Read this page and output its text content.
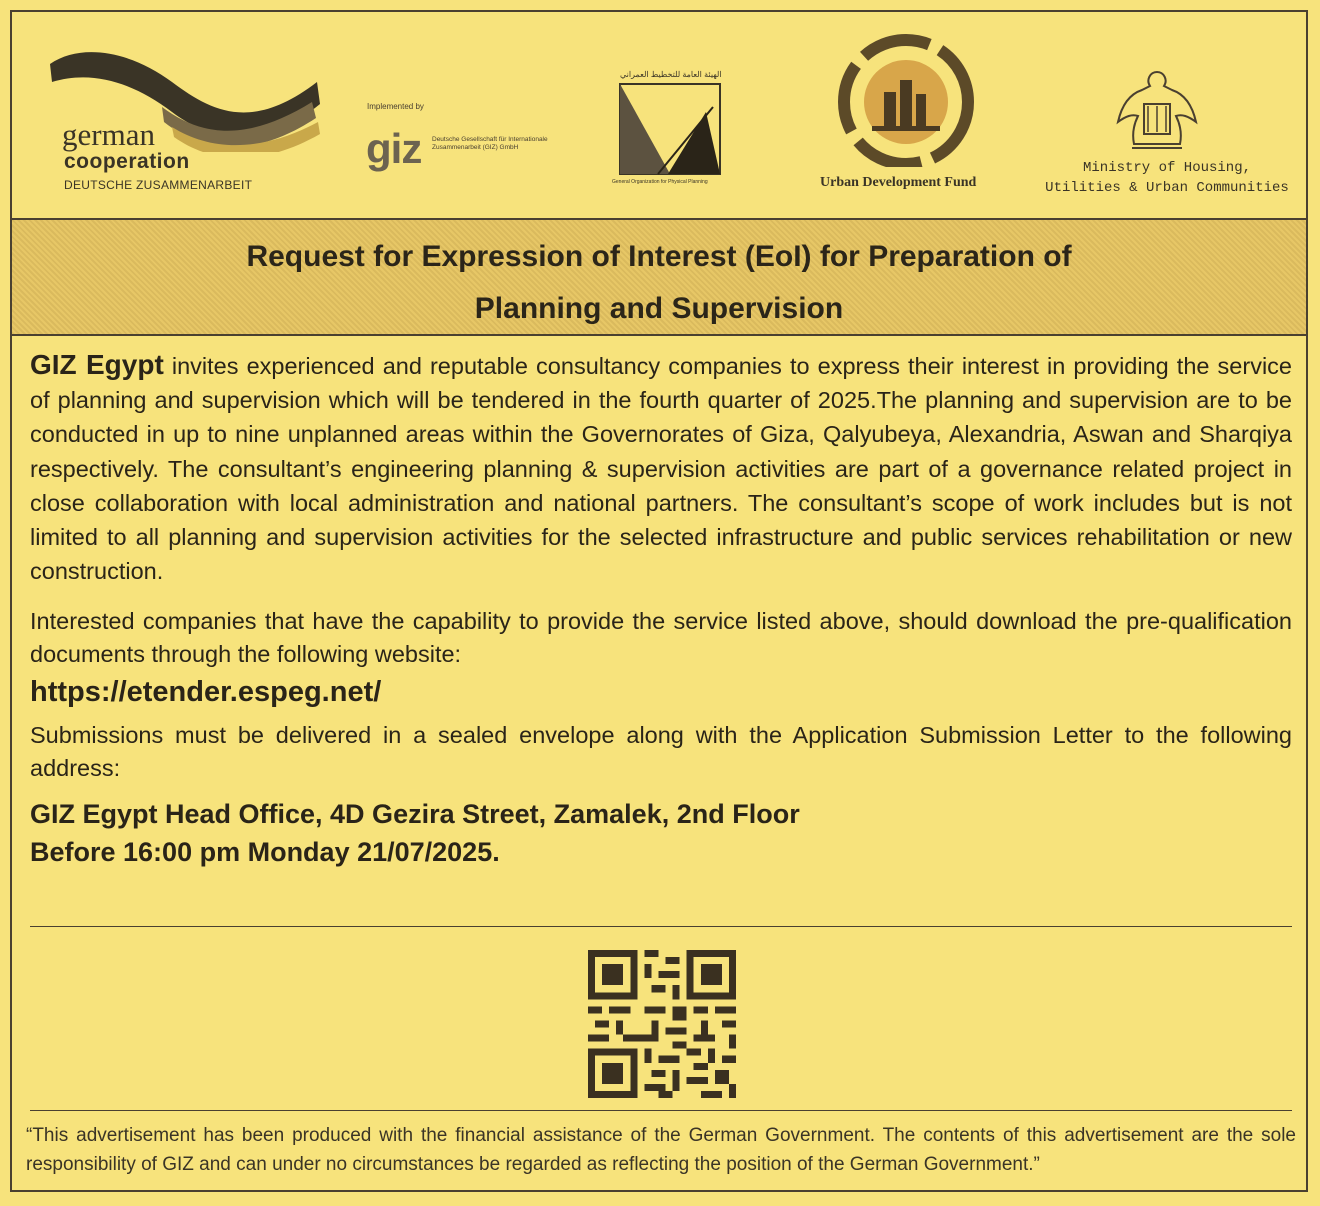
german
cooperation
DEUTSCHE ZUSAMMENARBEIT
Implemented by
giz Deutsche Gesellschaft für Internationale Zusammenarbeit (GIZ) GmbH
الهيئة العامة للتخطيط العمراني
General Organization for Physical Planning	Urban Development Fund
Ministry of Housing,
Utilities & Urban Communities
Request for Expression of Interest (EoI) for Preparation of
Planning and Supervision

GIZ Egypt invites experienced and reputable consultancy companies to express their interest in providing the service of planning and supervision which will be tendered in the fourth quarter of 2025.The planning and supervision are to be conducted in up to nine unplanned areas within the Governorates of Giza, Qalyubeya, Alexandria, Aswan and Sharqiya respectively. The consultant’s engineering planning & supervision activities are part of a governance related project in close collaboration with local administration and national partners. The consultant’s scope of work includes but is not limited to all planning and supervision activities for the selected infrastructure and public services rehabilitation or new construction.

Interested companies that have the capability to provide the service listed above, should download the pre-qualification documents through the following website:
https://etender.espeg.net/
Submissions must be delivered in a sealed envelope along with the Application Submission Letter to the following address:
GIZ Egypt Head Office, 4D Gezira Street, Zamalek, 2nd Floor
Before 16:00 pm Monday 21/07/2025.
“This advertisement has been produced with the financial assistance of the German Government. The contents of this advertisement are the sole responsibility of GIZ and can under no circumstances be regarded as reflecting the position of the German Government.”
